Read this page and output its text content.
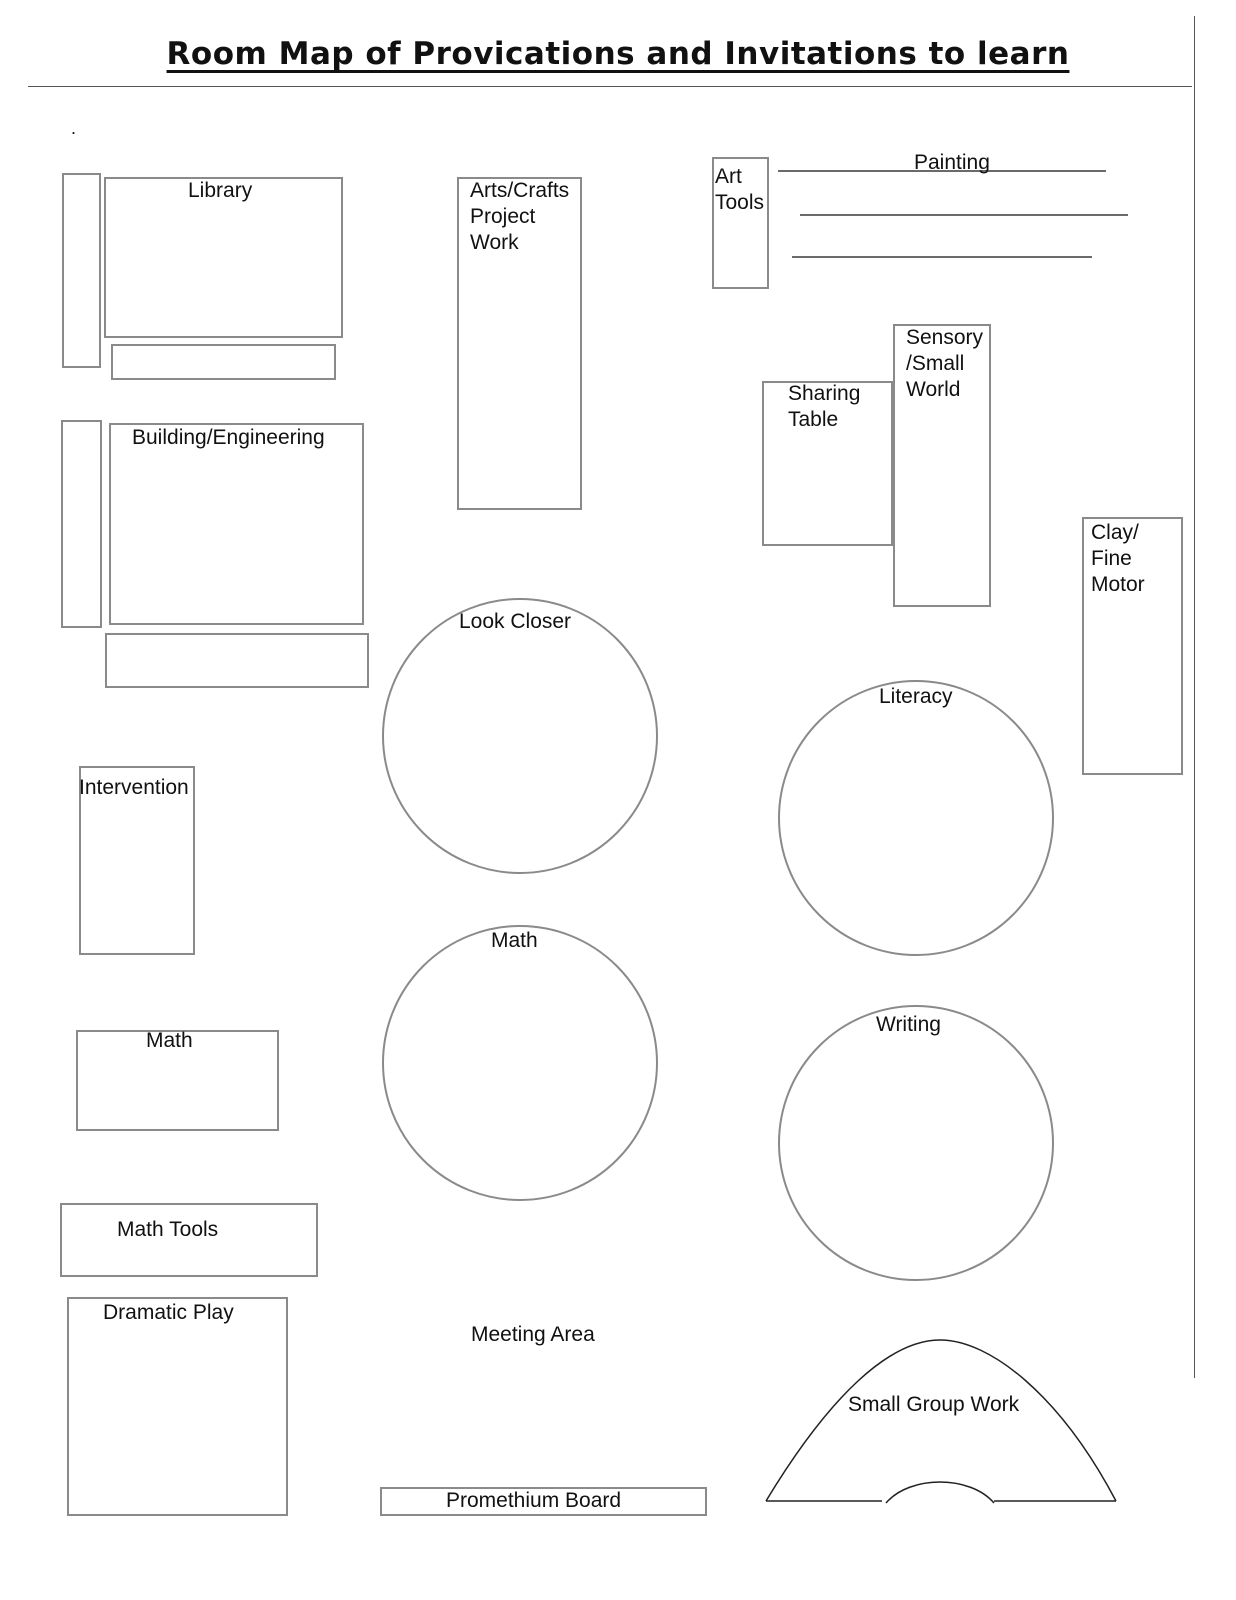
Room Map of Provications and Invitations to learn
.
Library
Building/Engineering
Arts/Crafts
Project
Work
Art
Tools
Painting
Sensory
/Small
World
Sharing
Table
Clay/
Fine
Motor
Look Closer
Literacy
Math
Writing
Intervention
Math
Math Tools
Dramatic Play
Meeting Area
Promethium Board
Small Group Work
